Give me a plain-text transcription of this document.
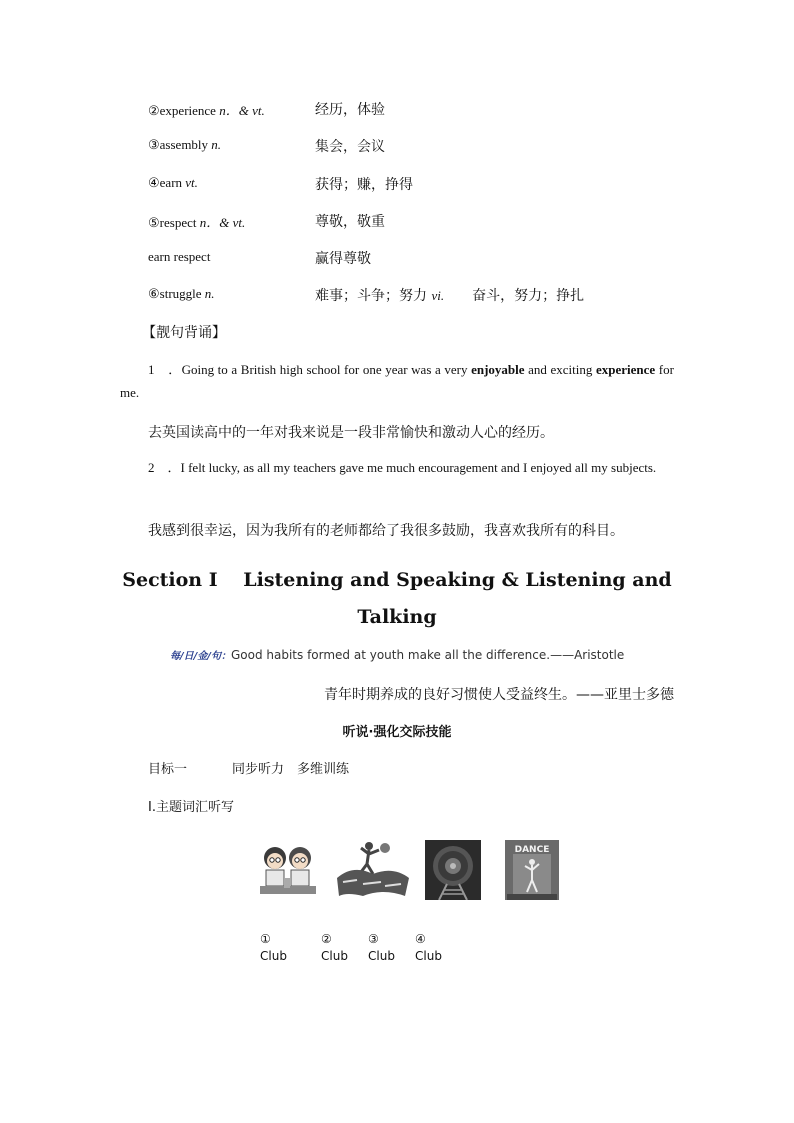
②experience n．& vt.	经历，体验
③assembly n.	集会，会议
④earn vt.	获得；赚，挣得
⑤respect n．& vt.	尊敬，敬重
earn respect	赢得尊敬
⑥struggle n.	难事；斗争；努力 vi.　　奋斗，努力；挣扎
【靓句背诵】
1　．Going to a British high school for one year was a very enjoyable and exciting experience for me.
去英国读高中的一年对我来说是一段非常愉快和激动人心的经历。
2　．I felt lucky, as all my teachers gave me much encouragement and I enjoyed all my subjects.
我感到很幸运，因为我所有的老师都给了我很多鼓励，我喜欢我所有的科目。
Section Ⅰ　 Listening and Speaking & Listening and
Talking
每/日/金/句：Good habits formed at youth make all the difference.——Aristotle
青年时期养成的良好习惯使人受益终生。——亚里士多德
听说·强化交际技能
目标一	同步听力　多维训练
Ⅰ.主题词汇听写
DANCE
①
Club
②
Club
③
Club
④
Club
